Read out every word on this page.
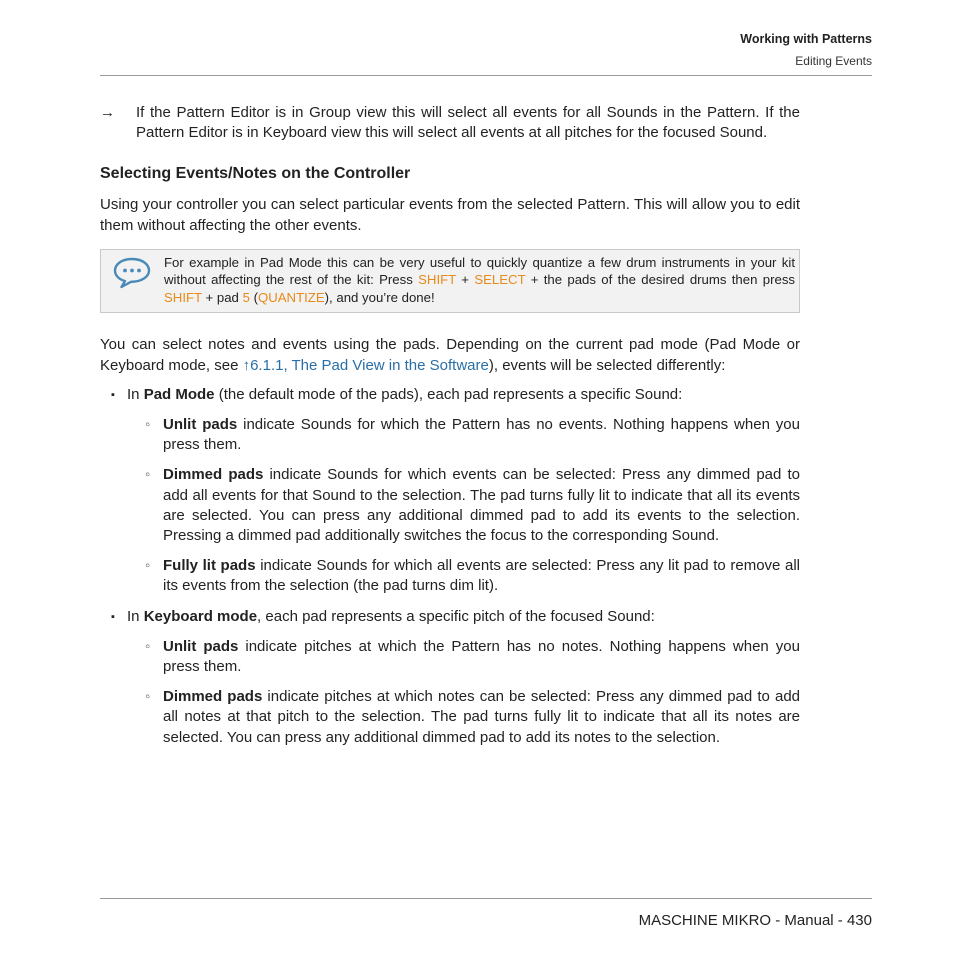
Working with Patterns
Editing Events

→ If the Pattern Editor is in Group view this will select all events for all Sounds in the Pattern. If the Pattern Editor is in Keyboard view this will select all events at all pitches for the focused Sound.

Selecting Events/Notes on the Controller

Using your controller you can select particular events from the selected Pattern. This will allow you to edit them without affecting the other events.

For example in Pad Mode this can be very useful to quickly quantize a few drum instruments in your kit without affecting the rest of the kit: Press SHIFT + SELECT + the pads of the desired drums then press SHIFT + pad 5 (QUANTIZE), and you’re done!

You can select notes and events using the pads. Depending on the current pad mode (Pad Mode or Keyboard mode, see ↑6.1.1, The Pad View in the Software), events will be selected differently:

▪ In Pad Mode (the default mode of the pads), each pad represents a specific Sound:

◦ Unlit pads indicate Sounds for which the Pattern has no events. Nothing happens when you press them.

◦ Dimmed pads indicate Sounds for which events can be selected: Press any dimmed pad to add all events for that Sound to the selection. The pad turns fully lit to indicate that all its events are selected. You can press any additional dimmed pad to add its events to the selection. Pressing a dimmed pad additionally switches the focus to the corresponding Sound.

◦ Fully lit pads indicate Sounds for which all events are selected: Press any lit pad to remove all its events from the selection (the pad turns dim lit).

▪ In Keyboard mode, each pad represents a specific pitch of the focused Sound:

◦ Unlit pads indicate pitches at which the Pattern has no notes. Nothing happens when you press them.

◦ Dimmed pads indicate pitches at which notes can be selected: Press any dimmed pad to add all notes at that pitch to the selection. The pad turns fully lit to indicate that all its notes are selected. You can press any additional dimmed pad to add its notes to the selection.

MASCHINE MIKRO - Manual - 430
